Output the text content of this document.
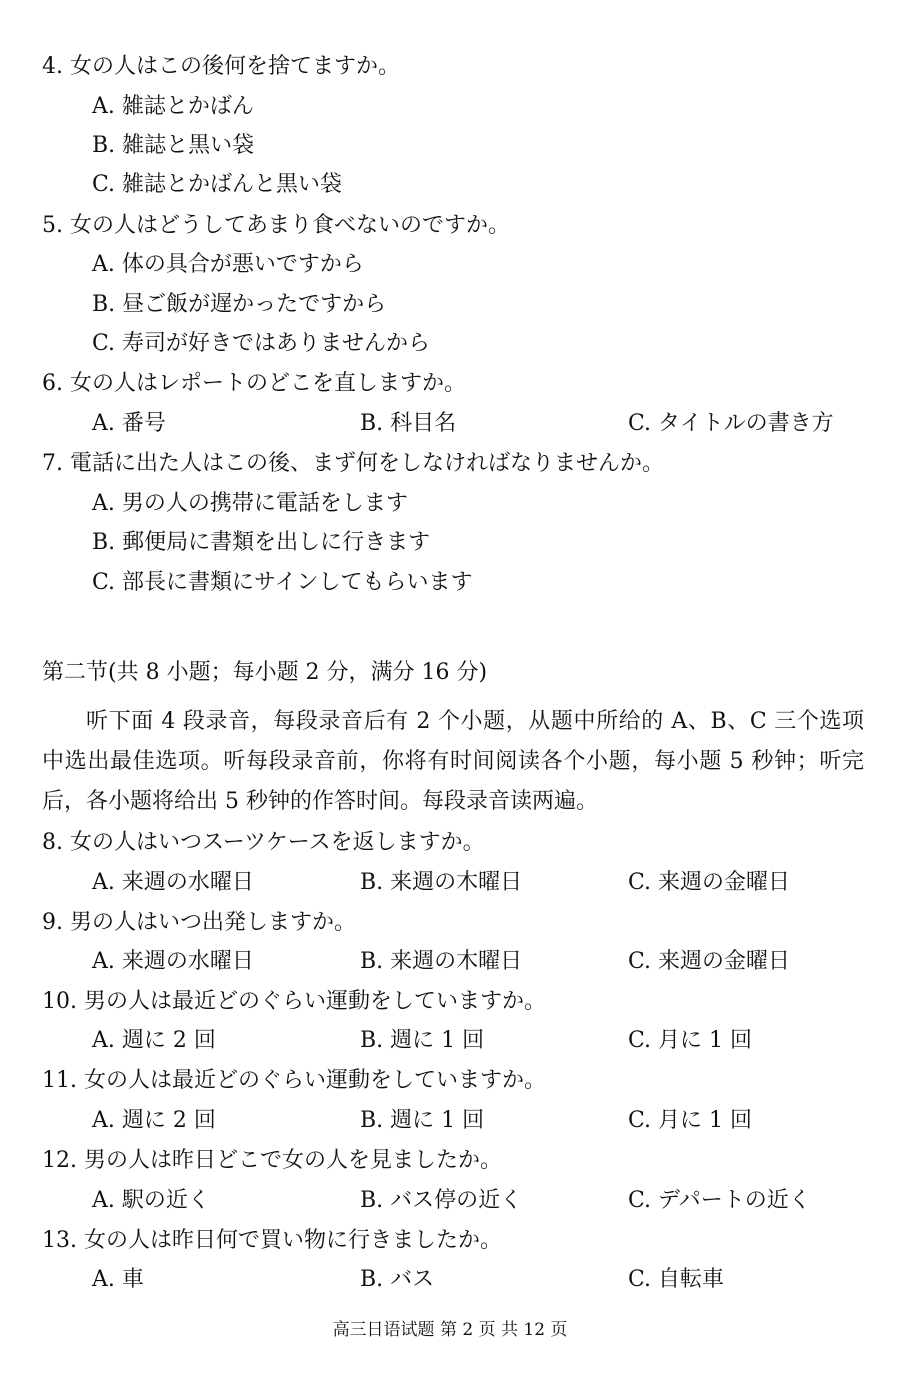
4. 女の人はこの後何を捨てますか。
A. 雑誌とかばん
B. 雑誌と黒い袋
C. 雑誌とかばんと黒い袋
5. 女の人はどうしてあまり食べないのですか。
A. 体の具合が悪いですから
B. 昼ご飯が遅かったですから
C. 寿司が好きではありませんから
6. 女の人はレポートのどこを直しますか。
A. 番号	B. 科目名	C. タイトルの書き方
7. 電話に出た人はこの後、まず何をしなければなりませんか。
A. 男の人の携帯に電話をします
B. 郵便局に書類を出しに行きます
C. 部長に書類にサインしてもらいます
第二节(共 8 小题；每小题 2 分，满分 16 分)
听下面 4 段录音，每段录音后有 2 个小题，从题中所给的 A、B、C 三个选项中选出最佳选项。听每段录音前，你将有时间阅读各个小题，每小题 5 秒钟；听完后，各小题将给出 5 秒钟的作答时间。每段录音读两遍。
8. 女の人はいつスーツケースを返しますか。
A. 来週の水曜日	B. 来週の木曜日	C. 来週の金曜日
9. 男の人はいつ出発しますか。
A. 来週の水曜日	B. 来週の木曜日	C. 来週の金曜日
10. 男の人は最近どのぐらい運動をしていますか。
A. 週に 2 回	B. 週に 1 回	C. 月に 1 回
11. 女の人は最近どのぐらい運動をしていますか。
A. 週に 2 回	B. 週に 1 回	C. 月に 1 回
12. 男の人は昨日どこで女の人を見ましたか。
A. 駅の近く	B. バス停の近く	C. デパートの近く
13. 女の人は昨日何で買い物に行きましたか。
A. 車	B. バス	C. 自転車
高三日语试题 第 2 页 共 12 页
